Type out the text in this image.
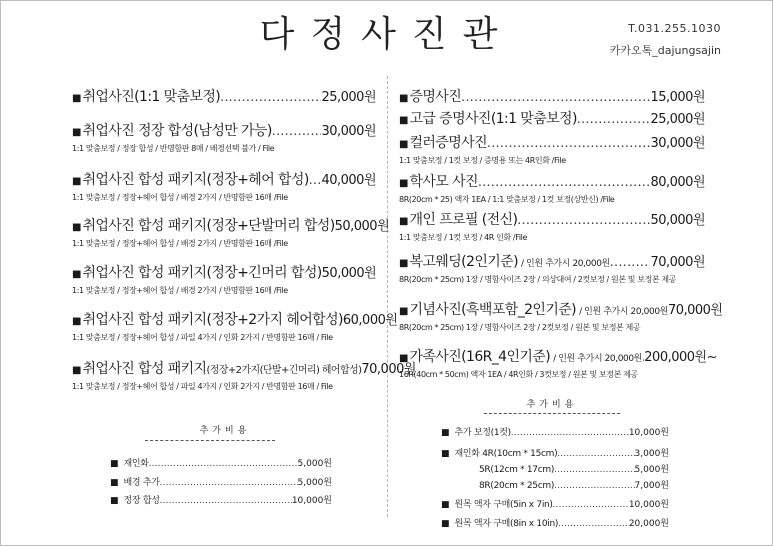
다정사진관	T.031.255.1030
카카오톡_dajungsajin
■ 취업사진(1:1 맞춤보정) .....	25,000원
■ 취업사진 정장 합성(남성만 가능) .....	30,000원
1:1 맞춤보정 / 정장 합성 / 반명함판 8매 / 배경선택 불가 / File
■ 취업사진 합성 패키지(정장+헤어 합성) ..... 40,000원
1:1 맞춤보정 / 정장+헤어 합성 / 배경 2가지 / 반명함판 16매 /File
■ 취업사진 합성 패키지(정장+단발머리 합성) 50,000원
1:1 맞춤보정 / 정장+헤어 합성 / 배경 2가지 / 반명함판 16매 /File
■ 취업사진 합성 패키지(정장+긴머리 합성) 50,000원
1:1 맞춤보정 / 정장+헤어 합성 / 배경 2가지 / 반명함판 16매 /File
■ 취업사진 합성 패키지(정장+2가지 헤어합성) 60,000원
1:1 맞춤보정 / 정장+헤어 합성 / 파일 4가지 / 인화 2가지 / 반명함판 16매 / File
■ 취업사진 합성 패키지(정장+2가지(단발+긴머리) 헤어합성) 70,000원
1:1 맞춤보정 / 정장+헤어 합성 / 파일 4가지 / 인화 2가지 / 반명함판 16매 / File
추가비용
■ 재인화 .....	5,000원
■ 배경 추가 .....	5,000원
■ 정장 합성 .....	10,000원
■ 증명사진 .....	15,000원
■ 고급 증명사진(1:1 맞춤보정) .....	25,000원
■ 컬러증명사진 .....	30,000원
1:1 맞춤보정 / 1컷 보정 / 증명용 또는 4R인화 /File
■ 학사모 사진 .....	80,000원
8R(20cm * 25) 액자 1EA / 1:1 맞춤보정 / 1컷 보정(상반신) /File
■ 개인 프로필 (전신) .....	50,000원
1:1 맞춤보정 / 1컷 보정 / 4R 인화 /File
■ 복고웨딩(2인기준) / 인원 추가시 20,000원 .....	70,000원
8R(20cm * 25cm) 1장 / 명함사이즈 2장 / 의상대여 / 2컷보정 / 원본 및 보정본 제공
■ 기념사진(흑백포함_2인기준) / 인원 추가시 20,000원 70,000원
8R(20cm * 25cm) 1장 / 명함사이즈 2장 / 2컷보정 / 원본 및 보정본 제공
■ 가족사진(16R_4인기준) / 인원 추가시 20,000원 ..... 200,000원~
16R(40cm * 50cm) 액자 1EA / 4R인화 / 3컷보정 / 원본 및 보정본 제공
추가비용
■ 추가 보정(1컷) .....	10,000원
■ 재인화 4R(10cm * 15cm) .....	3,000원
5R(12cm * 17cm) .....	5,000원
8R(20cm * 25cm) .....	7,000원
■ 원목 액자 구매(5in x 7in) .....	10,000원
■ 원목 액자 구매(8in x 10in) .....	20,000원
